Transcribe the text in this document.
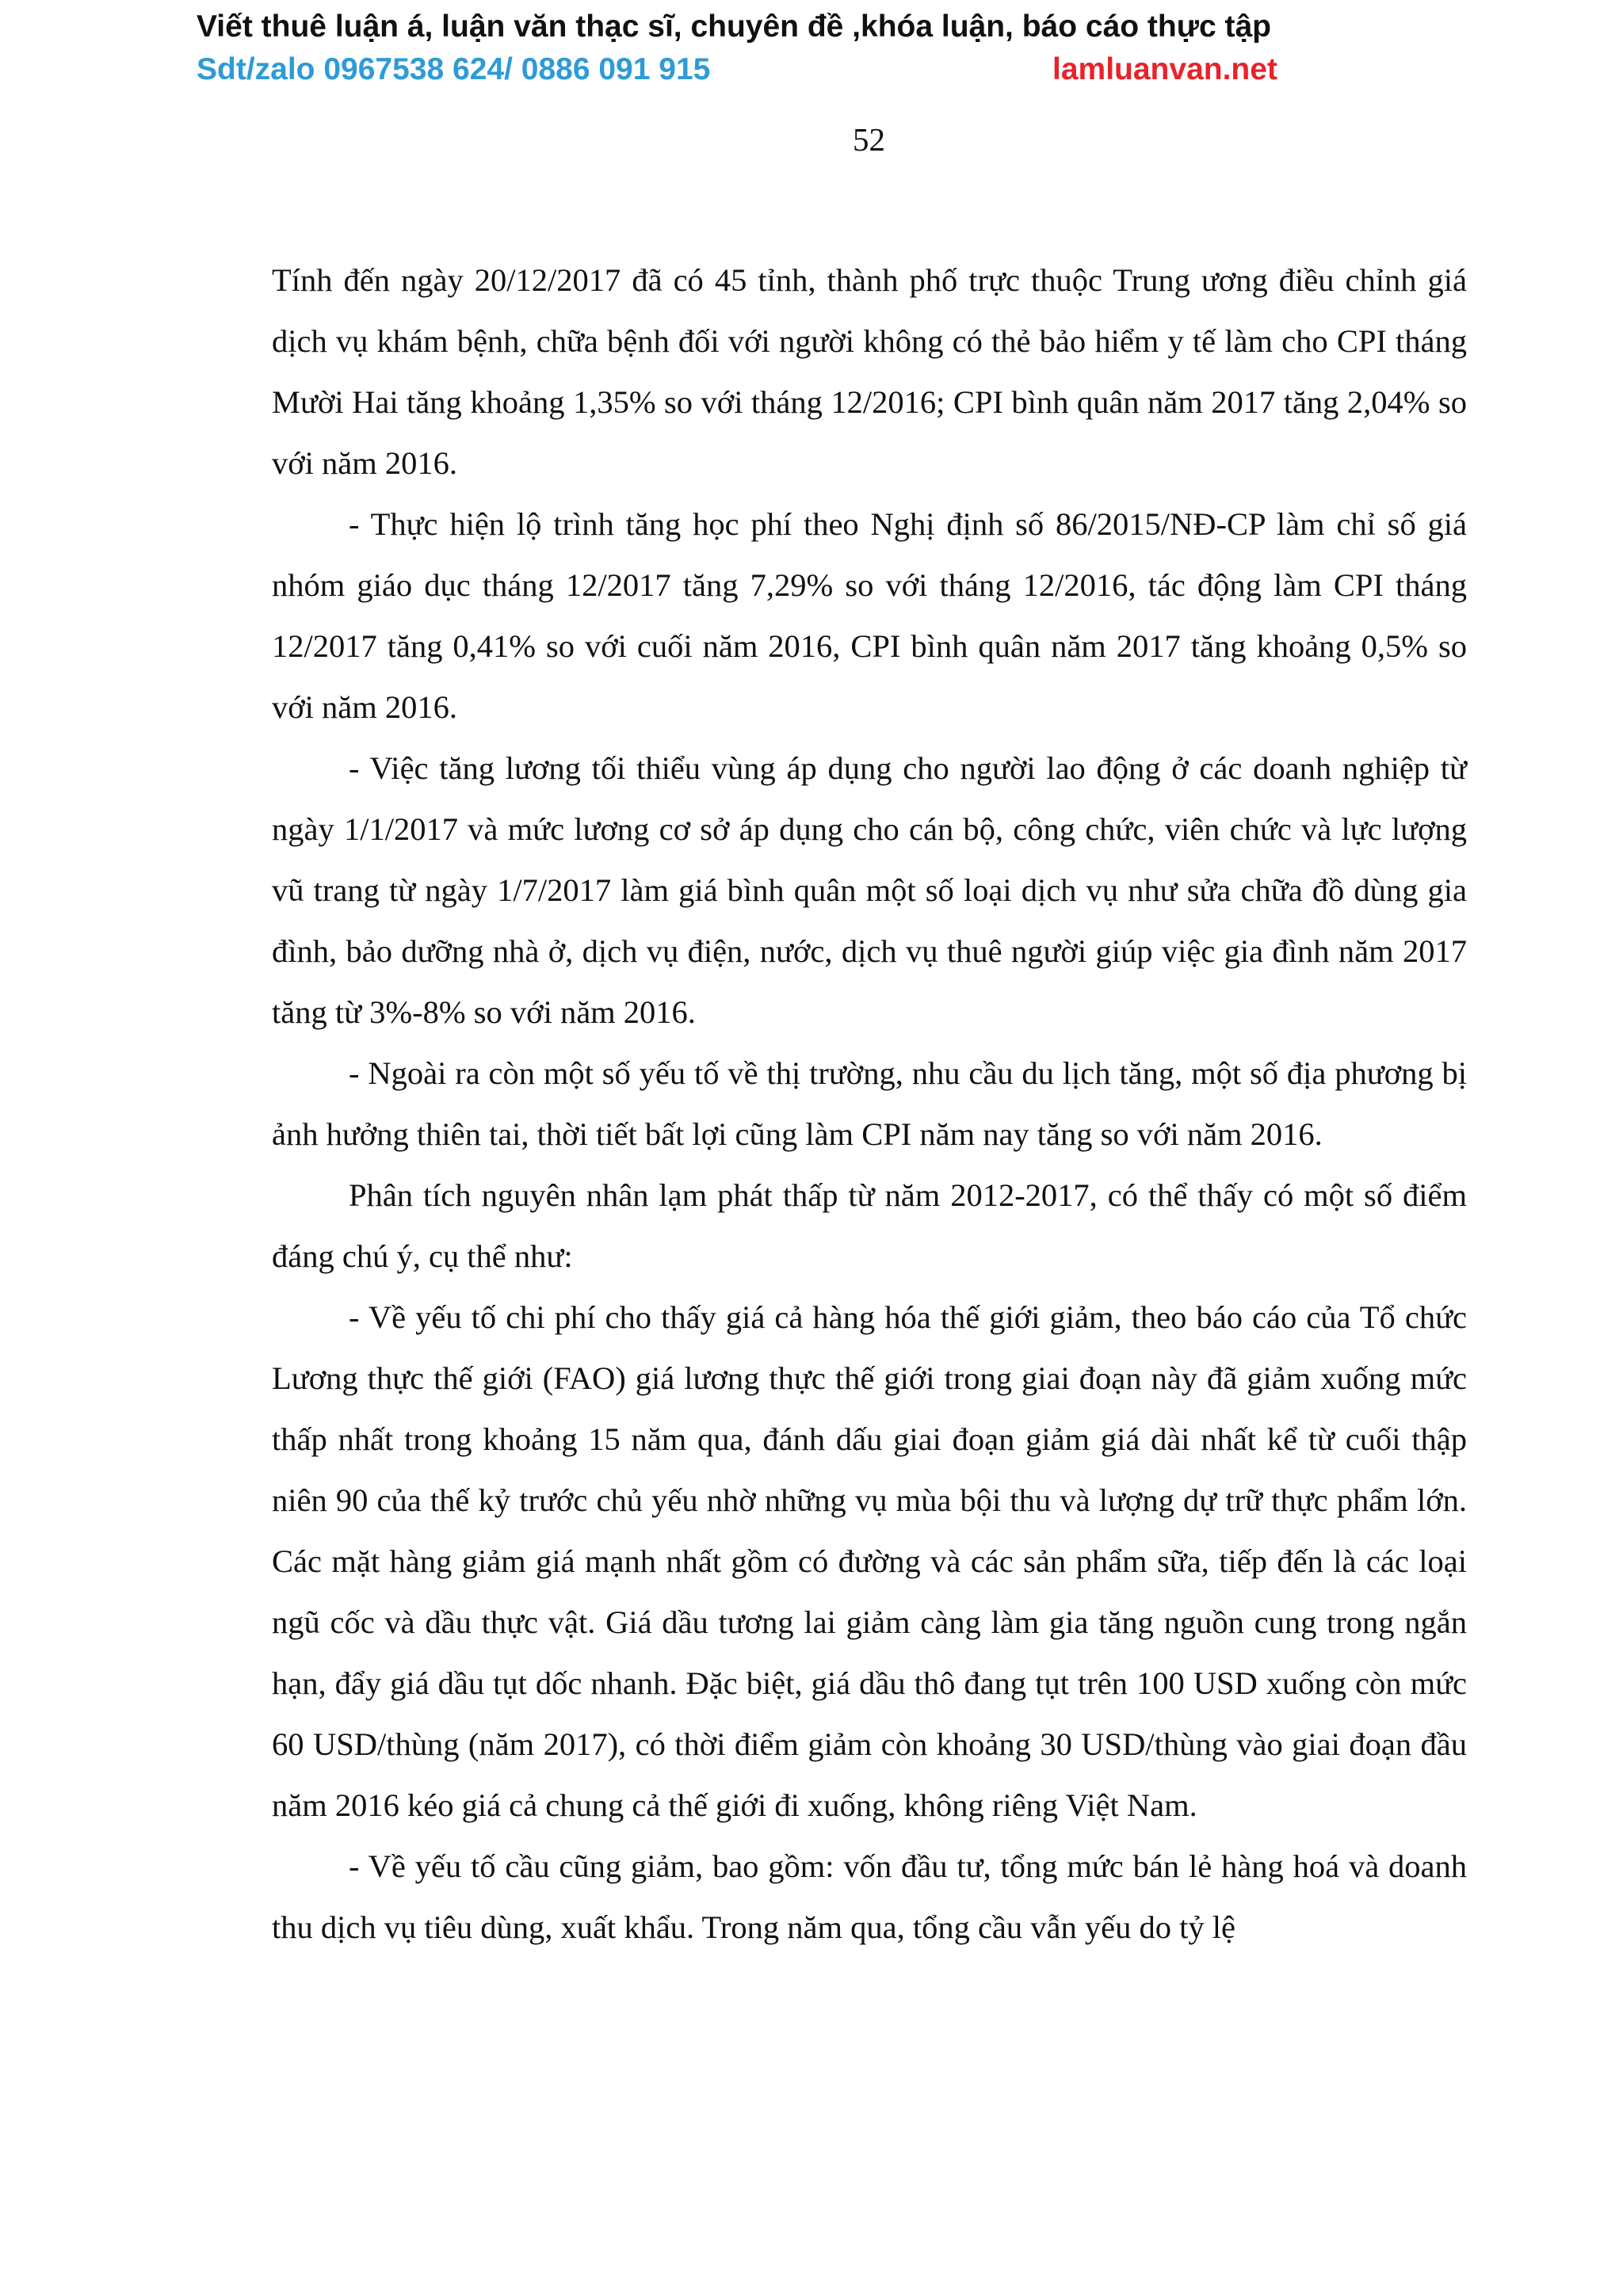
Viết thuê luận á, luận văn thạc sĩ, chuyên đề ,khóa luận, báo cáo thực tập
Sdt/zalo 0967538 624/ 0886 091 915	lamluanvan.net
52

Tính đến ngày 20/12/2017 đã có 45 tỉnh, thành phố trực thuộc Trung ương điều chỉnh giá dịch vụ khám bệnh, chữa bệnh đối với người không có thẻ bảo hiểm y tế làm cho CPI tháng Mười Hai tăng khoảng 1,35% so với tháng 12/2016; CPI bình quân năm 2017 tăng 2,04% so với năm 2016.

- Thực hiện lộ trình tăng học phí theo Nghị định số 86/2015/NĐ-CP làm chỉ số giá nhóm giáo dục tháng 12/2017 tăng 7,29% so với tháng 12/2016, tác động làm CPI tháng 12/2017 tăng 0,41% so với cuối năm 2016, CPI bình quân năm 2017 tăng khoảng 0,5% so với năm 2016.

- Việc tăng lương tối thiểu vùng áp dụng cho người lao động ở các doanh nghiệp từ ngày 1/1/2017 và mức lương cơ sở áp dụng cho cán bộ, công chức, viên chức và lực lượng vũ trang từ ngày 1/7/2017 làm giá bình quân một số loại dịch vụ như sửa chữa đồ dùng gia đình, bảo dưỡng nhà ở, dịch vụ điện, nước, dịch vụ thuê người giúp việc gia đình năm 2017 tăng từ 3%-8% so với năm 2016.

- Ngoài ra còn một số yếu tố về thị trường, nhu cầu du lịch tăng, một số địa phương bị ảnh hưởng thiên tai, thời tiết bất lợi cũng làm CPI năm nay tăng so với năm 2016.

Phân tích nguyên nhân lạm phát thấp từ năm 2012-2017, có thể thấy có một số điểm đáng chú ý, cụ thể như:

- Về yếu tố chi phí cho thấy giá cả hàng hóa thế giới giảm, theo báo cáo của Tổ chức Lương thực thế giới (FAO) giá lương thực thế giới trong giai đoạn này đã giảm xuống mức thấp nhất trong khoảng 15 năm qua, đánh dấu giai đoạn giảm giá dài nhất kể từ cuối thập niên 90 của thế kỷ trước chủ yếu nhờ những vụ mùa bội thu và lượng dự trữ thực phẩm lớn. Các mặt hàng giảm giá mạnh nhất gồm có đường và các sản phẩm sữa, tiếp đến là các loại ngũ cốc và dầu thực vật. Giá dầu tương lai giảm càng làm gia tăng nguồn cung trong ngắn hạn, đẩy giá dầu tụt dốc nhanh. Đặc biệt, giá dầu thô đang tụt trên 100 USD xuống còn mức 60 USD/thùng (năm 2017), có thời điểm giảm còn khoảng 30 USD/thùng vào giai đoạn đầu năm 2016 kéo giá cả chung cả thế giới đi xuống, không riêng Việt Nam.

- Về yếu tố cầu cũng giảm, bao gồm: vốn đầu tư, tổng mức bán lẻ hàng hoá và doanh thu dịch vụ tiêu dùng, xuất khẩu. Trong năm qua, tổng cầu vẫn yếu do tỷ lệ
